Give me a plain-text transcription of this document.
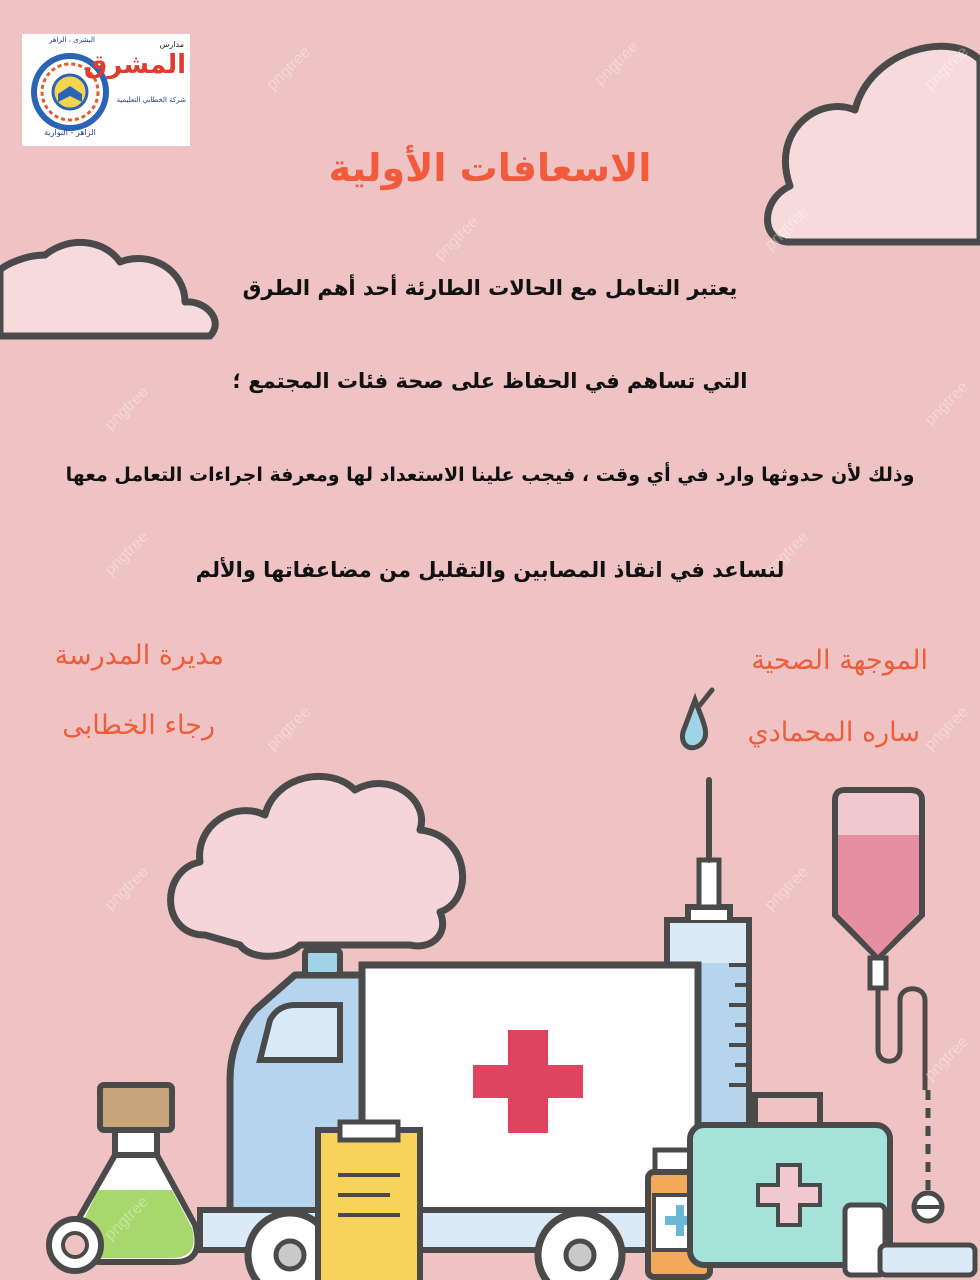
pngtree	pngtree	pngtree
pngtree	pngtree
pngtree	pngtree
pngtree
pngtree
pngtree	pngtree
pngtree	pngtree
pngtree	pngtree
pngtree
مدارس
المشرق
البشرى ، الزاهر
شركة الخطابي التعليمية
الزاهر - النوارية
الاسعافات الأولية
يعتبر التعامل مع الحالات الطارئة أحد أهم الطرق
التي تساهم في الحفاظ على صحة فئات المجتمع ؛
وذلك لأن حدوثها وارد في أي وقت ، فيجب علينا الاستعداد لها ومعرفة اجراءات التعامل معها
لنساعد في انقاذ المصابين والتقليل من مضاعفاتها والألم
مديرة المدرسة
رجاء الخطابى
الموجهة الصحية
ساره المحمادي
